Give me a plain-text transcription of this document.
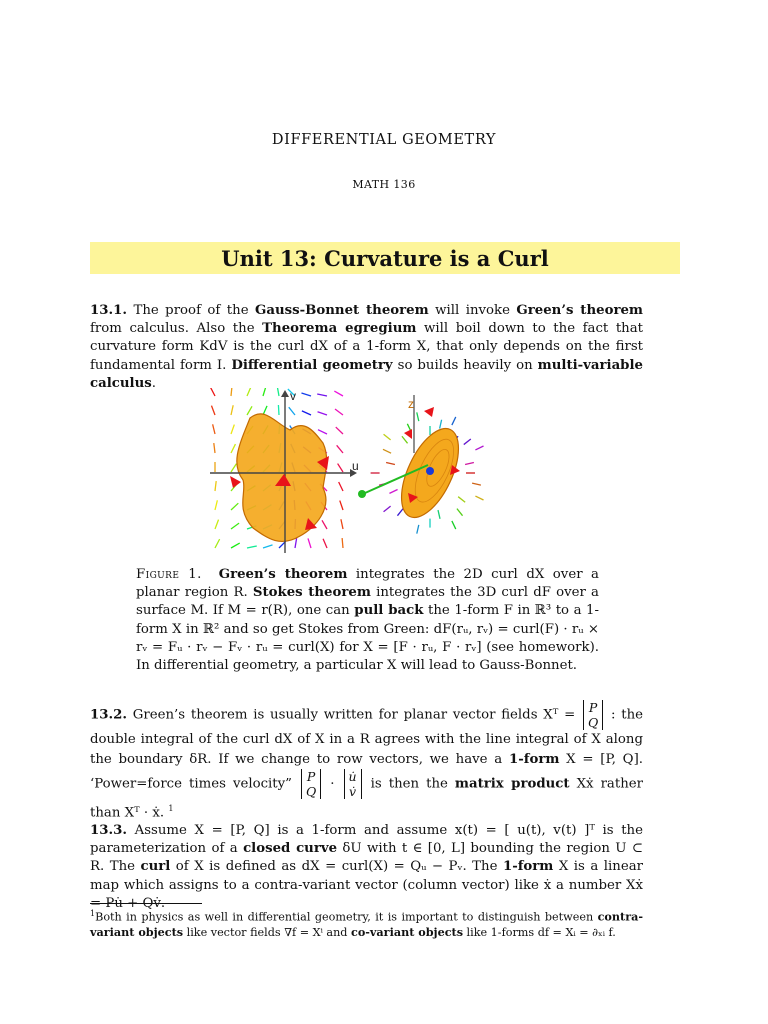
DIFFERENTIAL GEOMETRY
MATH 136
Unit 13: Curvature is a Curl
13.1. The proof of the Gauss-Bonnet theorem will invoke Green’s theorem from calculus. Also the Theorema egregium will boil down to the fact that curvature form KdV is the curl dX of a 1-form X, that only depends on the first fundamental form I. Differential geometry so builds heavily on multi-variable calculus.
u
v
z
Figure 1. Green’s theorem integrates the 2D curl dX over a planar region R. Stokes theorem integrates the 3D curl dF over a surface M. If M = r(R), one can pull back the 1-form F in ℝ³ to a 1-form X in ℝ² and so get Stokes from Green: dF(rᵤ, rᵥ) = curl(F) · rᵤ × rᵥ = Fᵤ · rᵥ − Fᵥ · rᵤ = curl(X) for X = [F · rᵤ, F · rᵥ] (see homework). In differential geometry, a particular X will lead to Gauss-Bonnet.
13.2. Green’s theorem is usually written for planar vector fields Xᵀ = P
Q : the double integral of the curl dX of X in a R agrees with the line integral of X along the boundary δR. If we change to row vectors, we have a 1-form X = [P, Q]. ‘Power=force times velocity” P
Q · u̇
v̇ is then the matrix product Xẋ rather than Xᵀ · ẋ. $^1$
13.3. Assume X = [P, Q] is a 1-form and assume x(t) = [ u(t), v(t) ]ᵀ is the parameterization of a closed curve δU with t ∈ [0, L] bounding the region U ⊂ R. The curl of X is defined as dX = curl(X) = Qᵤ − Pᵥ. The 1-form X is a linear map which assigns to a contra-variant vector (column vector) like ẋ a number Xẋ = Pu̇ + Qv̇.
$^1$Both in physics as well in differential geometry, it is important to distinguish between contra-variant objects like vector fields ∇f = Xⁱ and co-variant objects like 1-forms df = Xᵢ = ∂ₓᵢ f.
